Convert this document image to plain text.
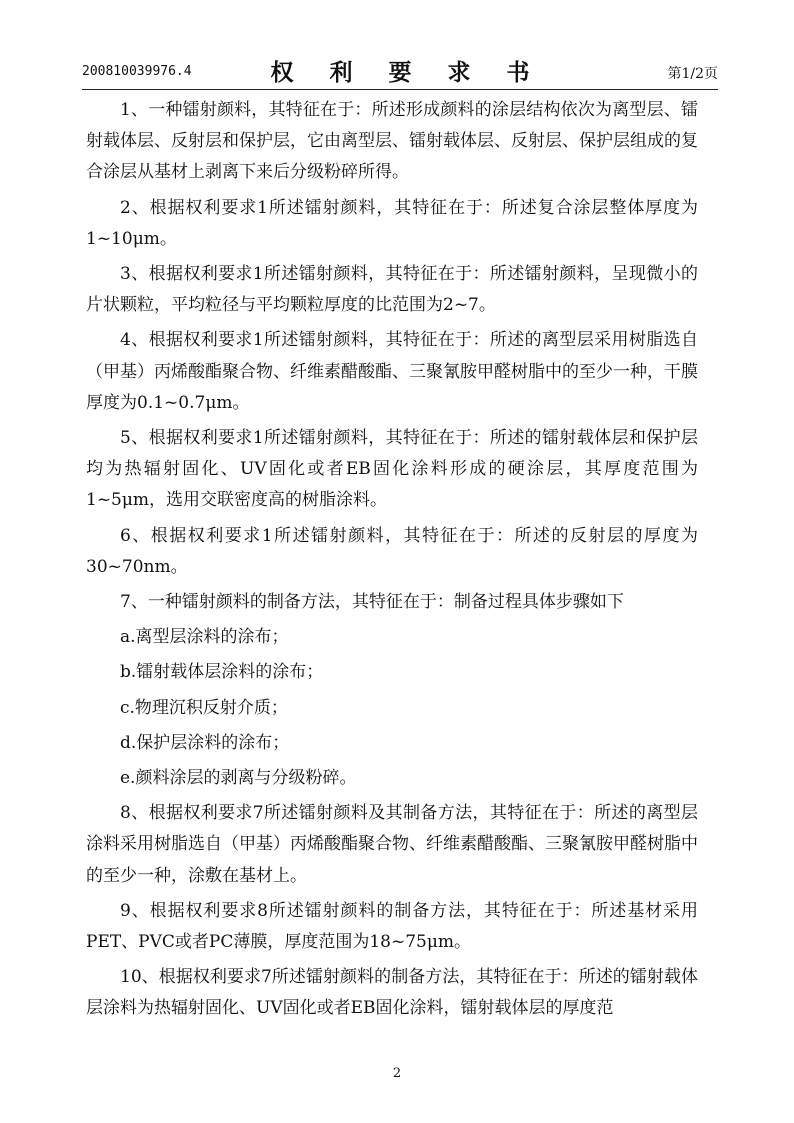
200810039976.4	权 利 要 求 书	第1/2页

1、一种镭射颜料，其特征在于：所述形成颜料的涂层结构依次为离型层、镭射载体层、反射层和保护层，它由离型层、镭射载体层、反射层、保护层组成的复合涂层从基材上剥离下来后分级粉碎所得。

2、根据权利要求1所述镭射颜料，其特征在于：所述复合涂层整体厚度为1~10μm。

3、根据权利要求1所述镭射颜料，其特征在于：所述镭射颜料，呈现微小的片状颗粒，平均粒径与平均颗粒厚度的比范围为2~7。

4、根据权利要求1所述镭射颜料，其特征在于：所述的离型层采用树脂选自（甲基）丙烯酸酯聚合物、纤维素醋酸酯、三聚氰胺甲醛树脂中的至少一种，干膜厚度为0.1~0.7μm。

5、根据权利要求1所述镭射颜料，其特征在于：所述的镭射载体层和保护层均为热辐射固化、UV固化或者EB固化涂料形成的硬涂层，其厚度范围为1~5μm，选用交联密度高的树脂涂料。

6、根据权利要求1所述镭射颜料，其特征在于：所述的反射层的厚度为30~70nm。

7、一种镭射颜料的制备方法，其特征在于：制备过程具体步骤如下

a.离型层涂料的涂布；

b.镭射载体层涂料的涂布；

c.物理沉积反射介质；

d.保护层涂料的涂布；

e.颜料涂层的剥离与分级粉碎。

8、根据权利要求7所述镭射颜料及其制备方法，其特征在于：所述的离型层涂料采用树脂选自（甲基）丙烯酸酯聚合物、纤维素醋酸酯、三聚氰胺甲醛树脂中的至少一种，涂敷在基材上。

9、根据权利要求8所述镭射颜料的制备方法，其特征在于：所述基材采用PET、PVC或者PC薄膜，厚度范围为18~75μm。

10、根据权利要求7所述镭射颜料的制备方法，其特征在于：所述的镭射载体层涂料为热辐射固化、UV固化或者EB固化涂料，镭射载体层的厚度范

2
